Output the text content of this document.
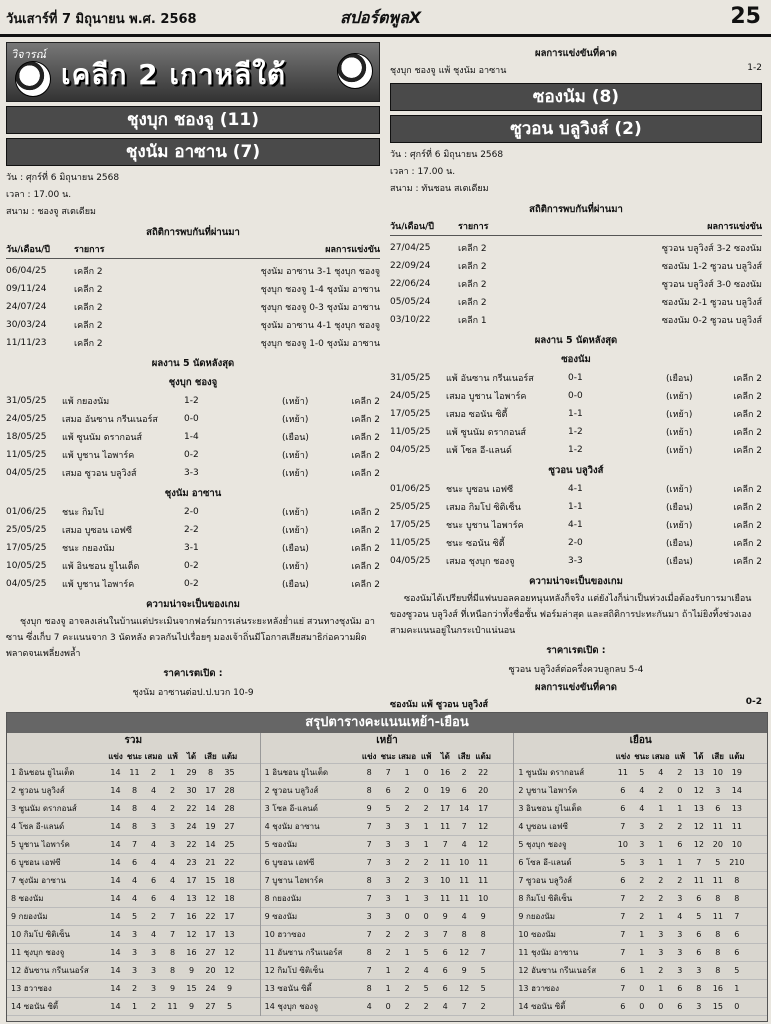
วันเสาร์ที่ 7 มิถุนายน พ.ศ. 2568	สปอร์ตพูลX	25
วิจารณ์
เคลีก 2 เกาหลีใต้
ชุงบุก ชองจู (11)
ชุงนัม อาซาน (7)
วัน : ศุกร์ที่ 6 มิถุนายน 2568
เวลา : 17.00 น.
สนาม : ชองจู สเตเดียม
สถิติการพบกันที่ผ่านมา
วัน/เดือน/ปี	รายการ	ผลการแข่งขัน
06/04/25	เคลีก 2	ชุงนัม อาซาน 3-1 ชุงบุก ชองจู
09/11/24	เคลีก 2	ชุงบุก ชองจู 1-4 ชุงนัม อาซาน
24/07/24	เคลีก 2	ชุงบุก ชองจู 0-3 ชุงนัม อาซาน
30/03/24	เคลีก 2	ชุงนัม อาซาน 4-1 ชุงบุก ชองจู
11/11/23	เคลีก 2	ชุงบุก ชองจู 1-0 ชุงนัม อาซาน
ผลงาน 5 นัดหลังสุด
ชุงบุก ชองจู
31/05/25	แพ้ กยองนัม	1-2	(เหย้า)	เคลีก 2
24/05/25	เสมอ อันซาน กรีนเนอร์ส	0-0	(เหย้า)	เคลีก 2
18/05/25	แพ้ ซูนนัม ดรากอนส์	1-4	(เยือน)	เคลีก 2
11/05/25	แพ้ บูชาน ไอพาร์ค	0-2	(เหย้า)	เคลีก 2
04/05/25	เสมอ ซูวอน บลูวิงส์	3-3	(เหย้า)	เคลีก 2
ชุงนัม อาซาน
01/06/25	ชนะ กิมโป	2-0	(เหย้า)	เคลีก 2
25/05/25	เสมอ บูซอน เอฟซี	2-2	(เหย้า)	เคลีก 2
17/05/25	ชนะ กยองนัม	3-1	(เยือน)	เคลีก 2
10/05/25	แพ้ อินชอน ยูไนเต็ด	0-2	(เหย้า)	เคลีก 2
04/05/25	แพ้ บูชาน ไอพาร์ค	0-2	(เยือน)	เคลีก 2
ความน่าจะเป็นของเกม
ชุงบุก ชองจู อาจลงเล่นในบ้านแต่ประเมินจากฟอร์มการเล่นระยะหลังย่ำแย่ สวนทางชุงนัม อาซาน ซึ่งเก็บ 7 คะแนนจาก 3 นัดหลัง ดวลกันไปเรื่อยๆ มองเจ้าถิ่นมีโอกาสเสียสมาธิก่อความผิดพลาดจนเพลี่ยงพล้ำ
ราคาเรตเปิด :
ชุงนัม อาซานต่อป.ป.บวก 10-9
ผลการแข่งขันที่คาด
ชุงบุก ชองจู แพ้ ชุงนัม อาซาน	1-2
ซองนัม (8)
ซูวอน บลูวิงส์ (2)
วัน : ศุกร์ที่ 6 มิถุนายน 2568
เวลา : 17.00 น.
สนาม : ทันชอน สเตเดียม
สถิติการพบกันที่ผ่านมา
วัน/เดือน/ปี	รายการ	ผลการแข่งขัน
27/04/25	เคลีก 2	ซูวอน บลูวิงส์ 3-2 ซองนัม
22/09/24	เคลีก 2	ซองนัม 1-2 ซูวอน บลูวิงส์
22/06/24	เคลีก 2	ซูวอน บลูวิงส์ 3-0 ซองนัม
05/05/24	เคลีก 2	ซองนัม 2-1 ซูวอน บลูวิงส์
03/10/22	เคลีก 1	ซองนัม 0-2 ซูวอน บลูวิงส์
ผลงาน 5 นัดหลังสุด
ซองนัม
31/05/25	แพ้ อันซาน กรีนเนอร์ส	0-1	(เยือน)	เคลีก 2
24/05/25	เสมอ บูชาน ไอพาร์ค	0-0	(เหย้า)	เคลีก 2
17/05/25	เสมอ ซอนัน ซิตี้	1-1	(เหย้า)	เคลีก 2
11/05/25	แพ้ ซูนนัม ดรากอนส์	1-2	(เหย้า)	เคลีก 2
04/05/25	แพ้ โซล อี-แลนด์	1-2	(เหย้า)	เคลีก 2
ซูวอน บลูวิงส์
01/06/25	ชนะ บูซอน เอฟซี	4-1	(เหย้า)	เคลีก 2
25/05/25	เสมอ กิมโป ซิติเซ็น	1-1	(เยือน)	เคลีก 2
17/05/25	ชนะ บูชาน ไอพาร์ค	4-1	(เหย้า)	เคลีก 2
11/05/25	ชนะ ซอนัน ซิตี้	2-0	(เยือน)	เคลีก 2
04/05/25	เสมอ ชุงบุก ชองจู	3-3	(เยือน)	เคลีก 2
ความน่าจะเป็นของเกม
ซองนัมได้เปรียบที่มีแฟนบอลคอยหนุนหลังก็จริง แต่ยังไงก็น่าเป็นห่วงเมื่อต้องรับการมาเยือนของซูวอน บลูวิงส์ ที่เหนือกว่าทั้งชื่อชั้น ฟอร์มล่าสุด และสถิติการปะทะกันมา ถ้าไม่ยิงทิ้งช่วงเอง สามคะแนนอยู่ในกระเป๋าแน่นอน
ราคาเรตเปิด :
ซูวอน บลูวิงส์ต่อครึ่งควบลูกลบ 5-4
ผลการแข่งขันที่คาด
ซองนัม แพ้ ซูวอน บลูวิงส์	0-2
สรุปตารางคะแนนเหย้า-เยือน
รวม
แข่ง ชนะ เสมอ แพ้	ได้	เสีย แต้ม
1 อินชอน ยูไนเต็ด	14	11	2	1	29	8	35
2 ซูวอน บลูวิงส์	14	8	4	2	30	17	28
3 ซูนนัม ดรากอนส์	14	8	4	2	22	14	28
4 โซล อี-แลนด์	14	8	3	3	24	19	27
5 บูชาน ไอพาร์ค	14	7	4	3	22	14	25
6 บูซอน เอฟซี	14	6	4	4	23	21	22
7 ชุงนัม อาซาน	14	4	6	4	17	15	18
8 ซองนัม	14	4	6	4	13	12	18
9 กยองนัม	14	5	2	7	16	22	17
10 กิมโป ซิติเซ็น	14	3	4	7	12	17	13
11 ชุงบุก ชองจู	14	3	3	8	16	27	12
12 อันซาน กรีนเนอร์ส	14	3	3	8	9	20	12
13 ฮวาซอง	14	2	3	9	15	24	9
14 ซอนัน ซิตี้	14	1	2	11	9	27	5
เหย้า
แข่ง ชนะ เสมอ แพ้	ได้	เสีย แต้ม
1 อินชอน ยูไนเต็ด	8	7	1	0	16	2	22
2 ซูวอน บลูวิงส์	8	6	2	0	19	6	20
3 โซล อี-แลนด์	9	5	2	2	17	14	17
4 ชุงนัม อาซาน	7	3	3	1	11	7	12
5 ซองนัม	7	3	3	1	7	4	12
6 บูซอน เอฟซี	7	3	2	2	11	10	11
7 บูชาน ไอพาร์ค	8	3	2	3	10	11	11
8 กยองนัม	7	3	1	3	11	11	10
9 ซองนัม	3	3	0	0	9	4	9
10 ฮวาซอง	7	2	2	3	7	8	8
11 อันซาน กรีนเนอร์ส	8	2	1	5	6	12	7
12 กิมโป ซิติเซ็น	7	1	2	4	6	9	5
13 ซอนัน ซิตี้	8	1	2	5	6	12	5
14 ชุงบุก ชองจู	4	0	2	2	4	7	2
เยือน
แข่ง ชนะ เสมอ แพ้	ได้	เสีย แต้ม
1 ซูนนัม ดรากอนส์	11	5	4	2	13	10	19
2 บูชาน ไอพาร์ค	6	4	2	0	12	3	14
3 อินชอน ยูไนเต็ด	6	4	1	1	13	6	13
4 บูซอน เอฟซี	7	3	2	2	12	11	11
5 ชุงบุก ชองจู	10	3	1	6	12	20	10
6 โซล อี-แลนด์	5	3	1	1	7	5	210
7 ซูวอน บลูวิงส์	6	2	2	2	11	11	8
8 กิมโป ซิติเซ็น	7	2	2	3	6	8	8
9 กยองนัม	7	2	1	4	5	11	7
10 ซองนัม	7	1	3	3	6	8	6
11 ชุงนัม อาซาน	7	1	3	3	6	8	6
12 อันซาน กรีนเนอร์ส	6	1	2	3	3	8	5
13 ฮวาซอง	7	0	1	6	8	16	1
14 ซอนัน ซิตี้	6	0	0	6	3	15	0
